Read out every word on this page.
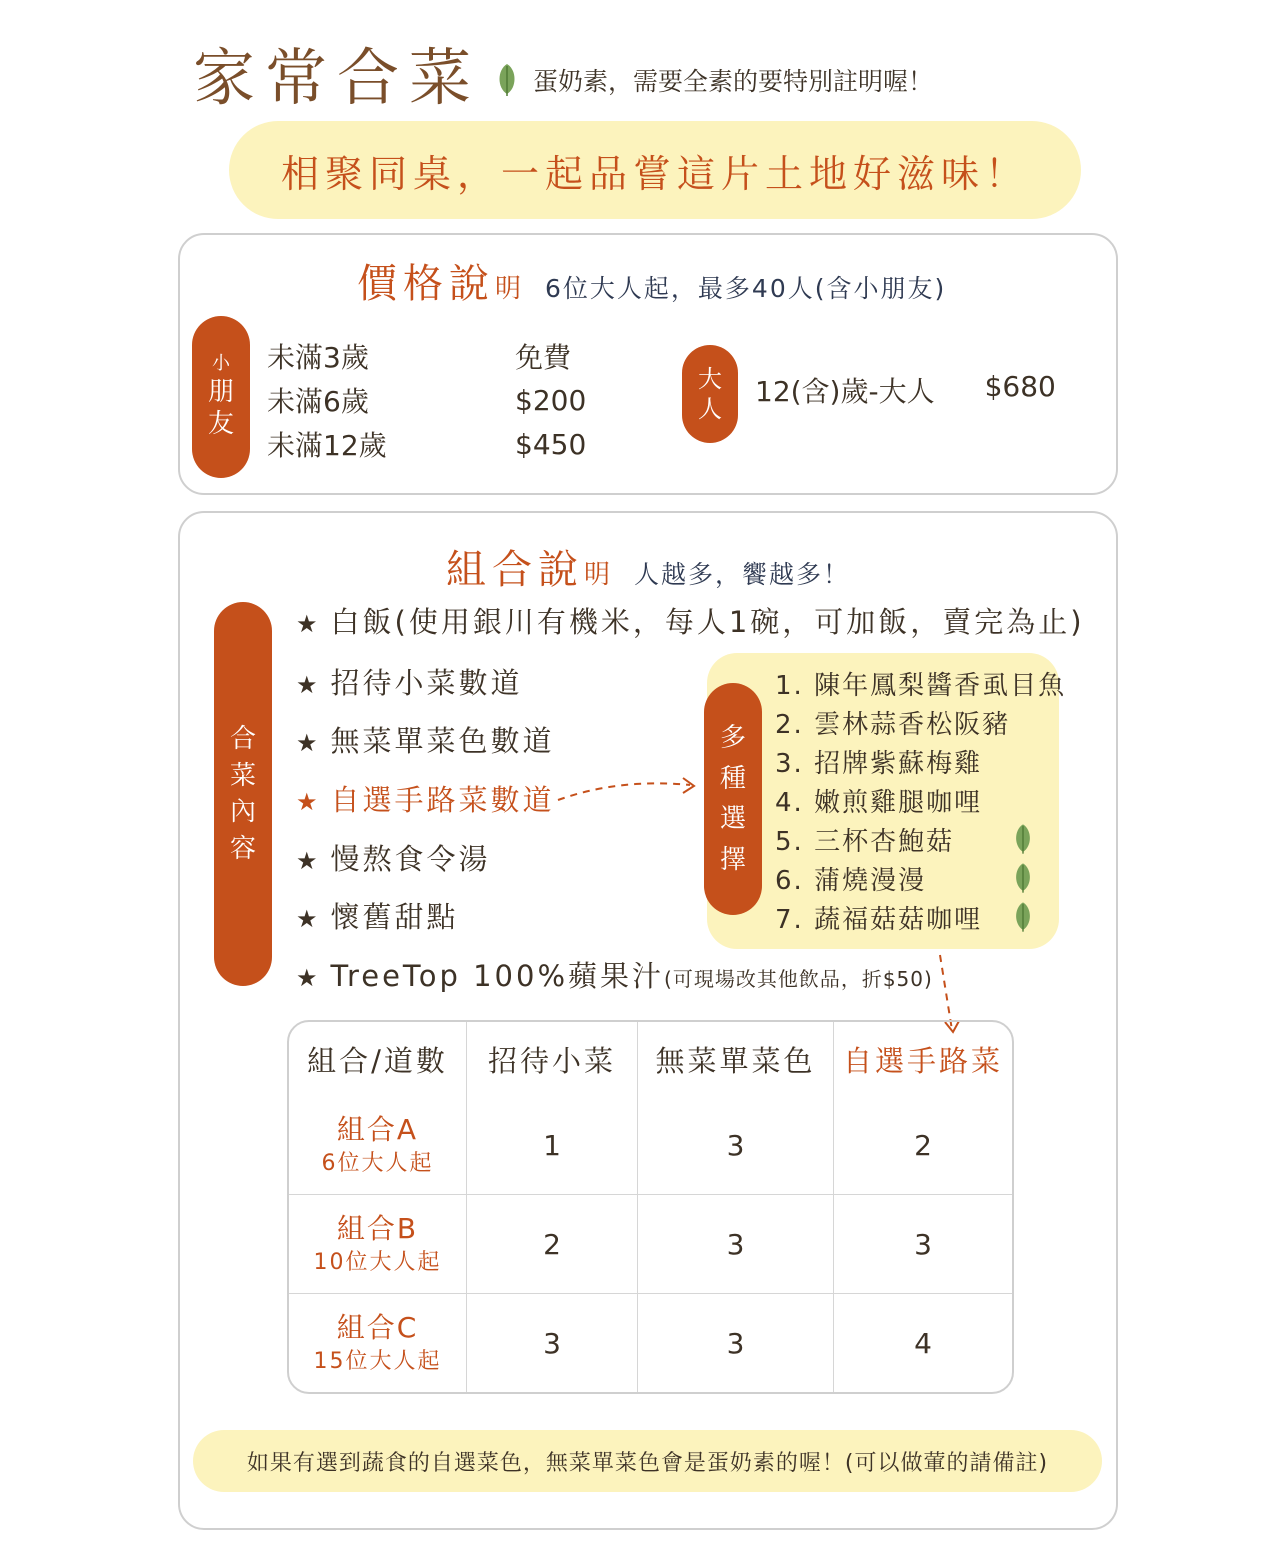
家常合菜 蛋奶素，需要全素的要特別註明喔！
相聚同桌，一起品嘗這片土地好滋味！
價格說明 6位大人起，最多40人(含小朋友)
小
朋
友
未滿3歲	免費
未滿6歲	$200
未滿12歲	$450
大
人
12(含)歲-大人 $680
組合說明 人越多，饗越多！
合
菜
內
容
★ 白飯(使用銀川有機米，每人1碗，可加飯，賣完為止)
★ 招待小菜數道
★ 無菜單菜色數道
★ 自選手路菜數道
★ 慢熬食令湯
★ 懷舊甜點
★ TreeTop 100%蘋果汁(可現場改其他飲品，折$50)
多
種
選
擇
1. 陳年鳳梨醬香虱目魚
2. 雲林蒜香松阪豬
3. 招牌紫蘇梅雞
4. 嫩煎雞腿咖哩
5. 三杯杏鮑菇
6. 蒲燒漫漫
7. 蔬福菇菇咖哩
組合/道數	招待小菜	無菜單菜色	自選手路菜
組合A
6位大人起	1	3	2
組合B
10位大人起	2	3	3
組合C
15位大人起	3	3	4
如果有選到蔬食的自選菜色，無菜單菜色會是蛋奶素的喔！(可以做葷的請備註)
